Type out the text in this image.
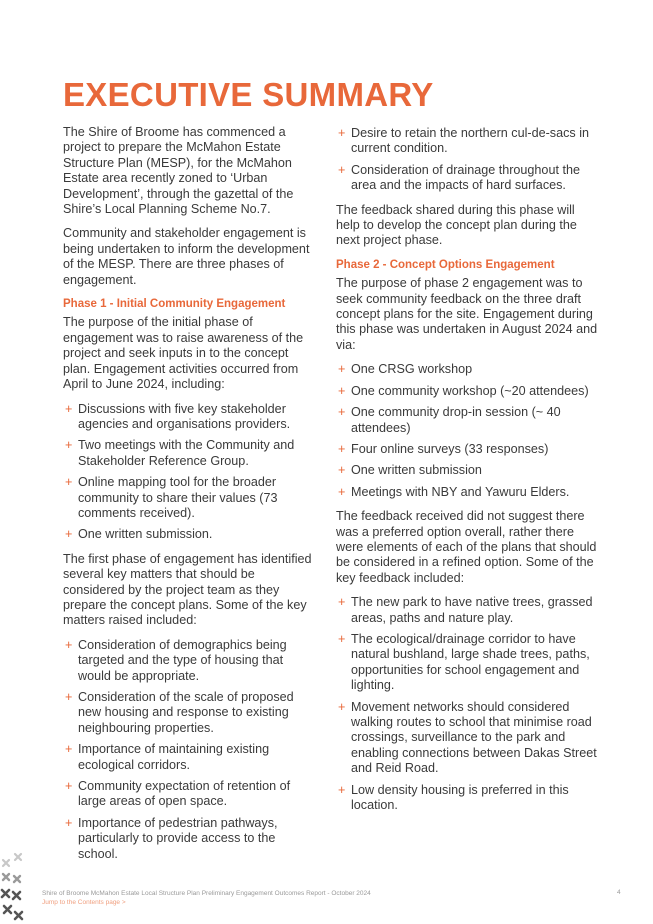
EXECUTIVE SUMMARY

The Shire of Broome has commenced a project to prepare the McMahon Estate Structure Plan (MESP), for the McMahon Estate area recently zoned to ‘Urban Development’, through the gazettal of the Shire’s Local Planning Scheme No.7.

Community and stakeholder engagement is being undertaken to inform the development of the MESP. There are three phases of engagement.

Phase 1 - Initial Community Engagement

The purpose of the initial phase of engagement was to raise awareness of the project and seek inputs in to the concept plan. Engagement activities occurred from April to June 2024, including:

+ Discussions with five key stakeholder agencies and organisations providers.
+ Two meetings with the Community and Stakeholder Reference Group.
+ Online mapping tool for the broader community to share their values (73 comments received).
+ One written submission.

The first phase of engagement has identified several key matters that should be considered by the project team as they prepare the concept plans. Some of the key matters raised included:

+ Consideration of demographics being targeted and the type of housing that would be appropriate.
+ Consideration of the scale of proposed new housing and response to existing neighbouring properties.
+ Importance of maintaining existing ecological corridors.
+ Community expectation of retention of large areas of open space.
+ Importance of pedestrian pathways, particularly to provide access to the school.
+ Desire to retain the northern cul-de-sacs in current condition.
+ Consideration of drainage throughout the area and the impacts of hard surfaces.

The feedback shared during this phase will help to develop the concept plan during the next project phase.

Phase 2 - Concept Options Engagement

The purpose of phase 2 engagement was to seek community feedback on the three draft concept plans for the site. Engagement during this phase was undertaken in August 2024 and via:

+ One CRSG workshop
+ One community workshop (~20 attendees)
+ One community drop-in session (~ 40 attendees)
+ Four online surveys (33 responses)
+ One written submission
+ Meetings with NBY and Yawuru Elders.

The feedback received did not suggest there was a preferred option overall, rather there were elements of each of the plans that should be considered in a refined option. Some of the key feedback included:

+ The new park to have native trees, grassed areas, paths and nature play.
+ The ecological/drainage corridor to have natural bushland, large shade trees, paths, opportunities for school engagement and lighting.
+ Movement networks should considered walking routes to school that minimise road crossings, surveillance to the park and enabling connections between Dakas Street and Reid Road.
+ Low density housing is preferred in this location.
Shire of Broome McMahon Estate Local Structure Plan Preliminary Engagement Outcomes Report - October 2024
Jump to the Contents page >
4
